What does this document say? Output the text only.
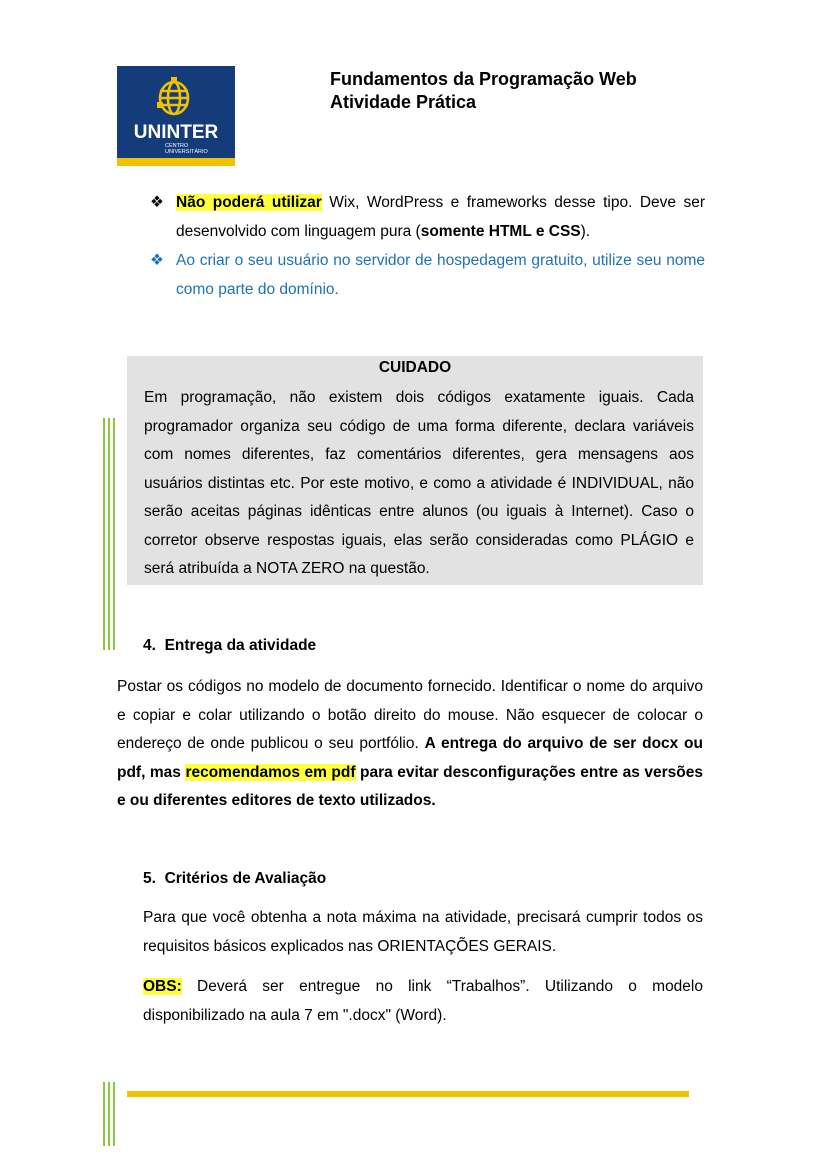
UNINTER
CENTRO
UNIVERSITÁRIO
Fundamentos da Programação Web
Atividade Prática
❖ Não poderá utilizar Wix, WordPress e frameworks desse tipo. Deve ser desenvolvido com linguagem pura (somente HTML e CSS).
❖ Ao criar o seu usuário no servidor de hospedagem gratuito, utilize seu nome como parte do domínio.
CUIDADO
Em programação, não existem dois códigos exatamente iguais. Cada programador organiza seu código de uma forma diferente, declara variáveis com nomes diferentes, faz comentários diferentes, gera mensagens aos usuários distintas etc. Por este motivo, e como a atividade é INDIVIDUAL, não serão aceitas páginas idênticas entre alunos (ou iguais à Internet). Caso o corretor observe respostas iguais, elas serão consideradas como PLÁGIO e será atribuída a NOTA ZERO na questão.
4. Entrega da atividade
Postar os códigos no modelo de documento fornecido. Identificar o nome do arquivo e copiar e colar utilizando o botão direito do mouse. Não esquecer de colocar o endereço de onde publicou o seu portfólio. A entrega do arquivo de ser docx ou pdf, mas recomendamos em pdf para evitar desconfigurações entre as versões e ou diferentes editores de texto utilizados.
5. Critérios de Avaliação
Para que você obtenha a nota máxima na atividade, precisará cumprir todos os requisitos básicos explicados nas ORIENTAÇÕES GERAIS.
OBS: Deverá ser entregue no link “Trabalhos”. Utilizando o modelo disponibilizado na aula 7 em ".docx" (Word).
